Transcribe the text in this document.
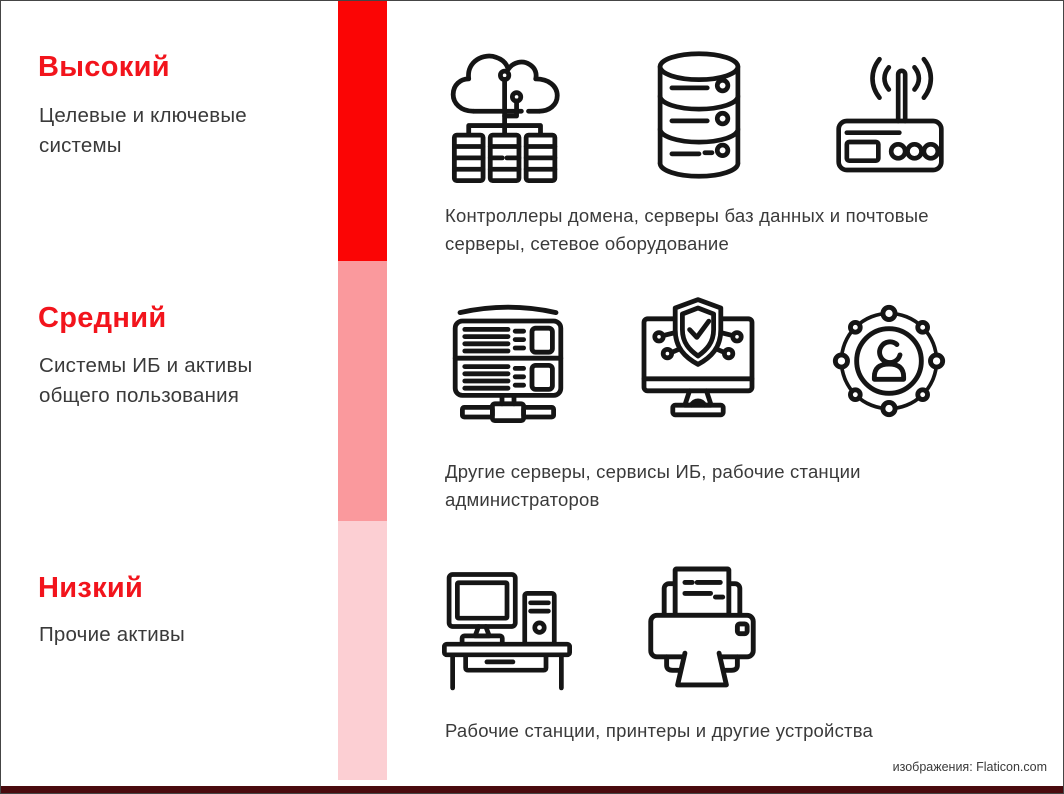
Высокий
Целевые и ключевые
системы
Средний
Системы ИБ и активы
общего пользования
Низкий
Прочие активы
Контроллеры домена, серверы баз данных и почтовые
серверы, сетевое оборудование
Другие серверы, сервисы ИБ, рабочие станции
администраторов
Рабочие станции, принтеры и другие устройства
изображения: Flaticon.com
